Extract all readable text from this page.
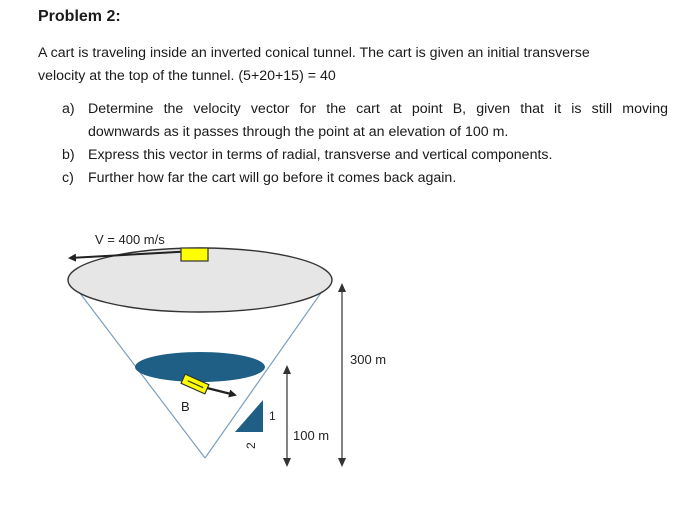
Problem 2:
A cart is traveling inside an inverted conical tunnel. The cart is given an initial transverse
velocity at the top of the tunnel. (5+20+15) = 40
a) Determine the velocity vector for the cart at point B, given that it is still moving
downwards as it passes through the point at an elevation of 100 m.
b) Express this vector in terms of radial, transverse and vertical components.
c) Further how far the cart will go before it comes back again.
V = 400 m/s
B
1
2
100 m
300 m
